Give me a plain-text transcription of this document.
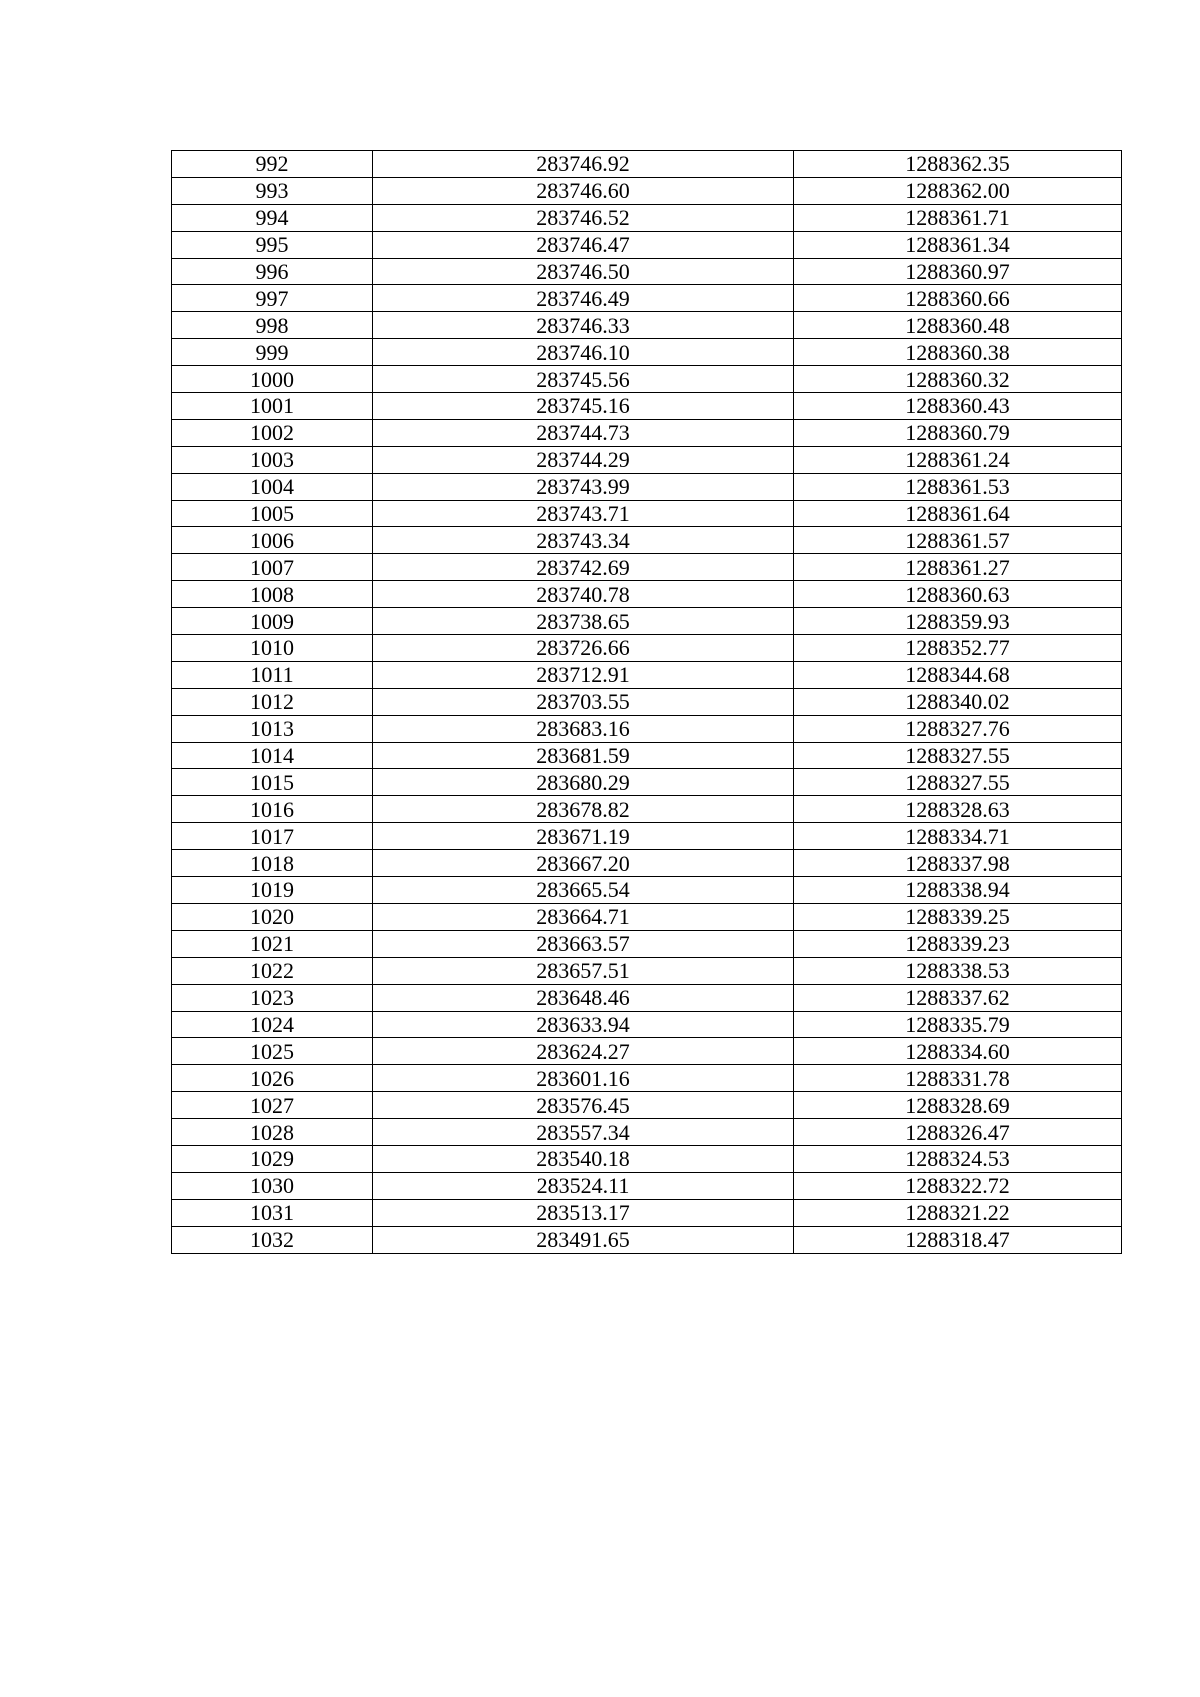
992	283746.92	1288362.35
993	283746.60	1288362.00
994	283746.52	1288361.71
995	283746.47	1288361.34
996	283746.50	1288360.97
997	283746.49	1288360.66
998	283746.33	1288360.48
999	283746.10	1288360.38
1000	283745.56	1288360.32
1001	283745.16	1288360.43
1002	283744.73	1288360.79
1003	283744.29	1288361.24
1004	283743.99	1288361.53
1005	283743.71	1288361.64
1006	283743.34	1288361.57
1007	283742.69	1288361.27
1008	283740.78	1288360.63
1009	283738.65	1288359.93
1010	283726.66	1288352.77
1011	283712.91	1288344.68
1012	283703.55	1288340.02
1013	283683.16	1288327.76
1014	283681.59	1288327.55
1015	283680.29	1288327.55
1016	283678.82	1288328.63
1017	283671.19	1288334.71
1018	283667.20	1288337.98
1019	283665.54	1288338.94
1020	283664.71	1288339.25
1021	283663.57	1288339.23
1022	283657.51	1288338.53
1023	283648.46	1288337.62
1024	283633.94	1288335.79
1025	283624.27	1288334.60
1026	283601.16	1288331.78
1027	283576.45	1288328.69
1028	283557.34	1288326.47
1029	283540.18	1288324.53
1030	283524.11	1288322.72
1031	283513.17	1288321.22
1032	283491.65	1288318.47
